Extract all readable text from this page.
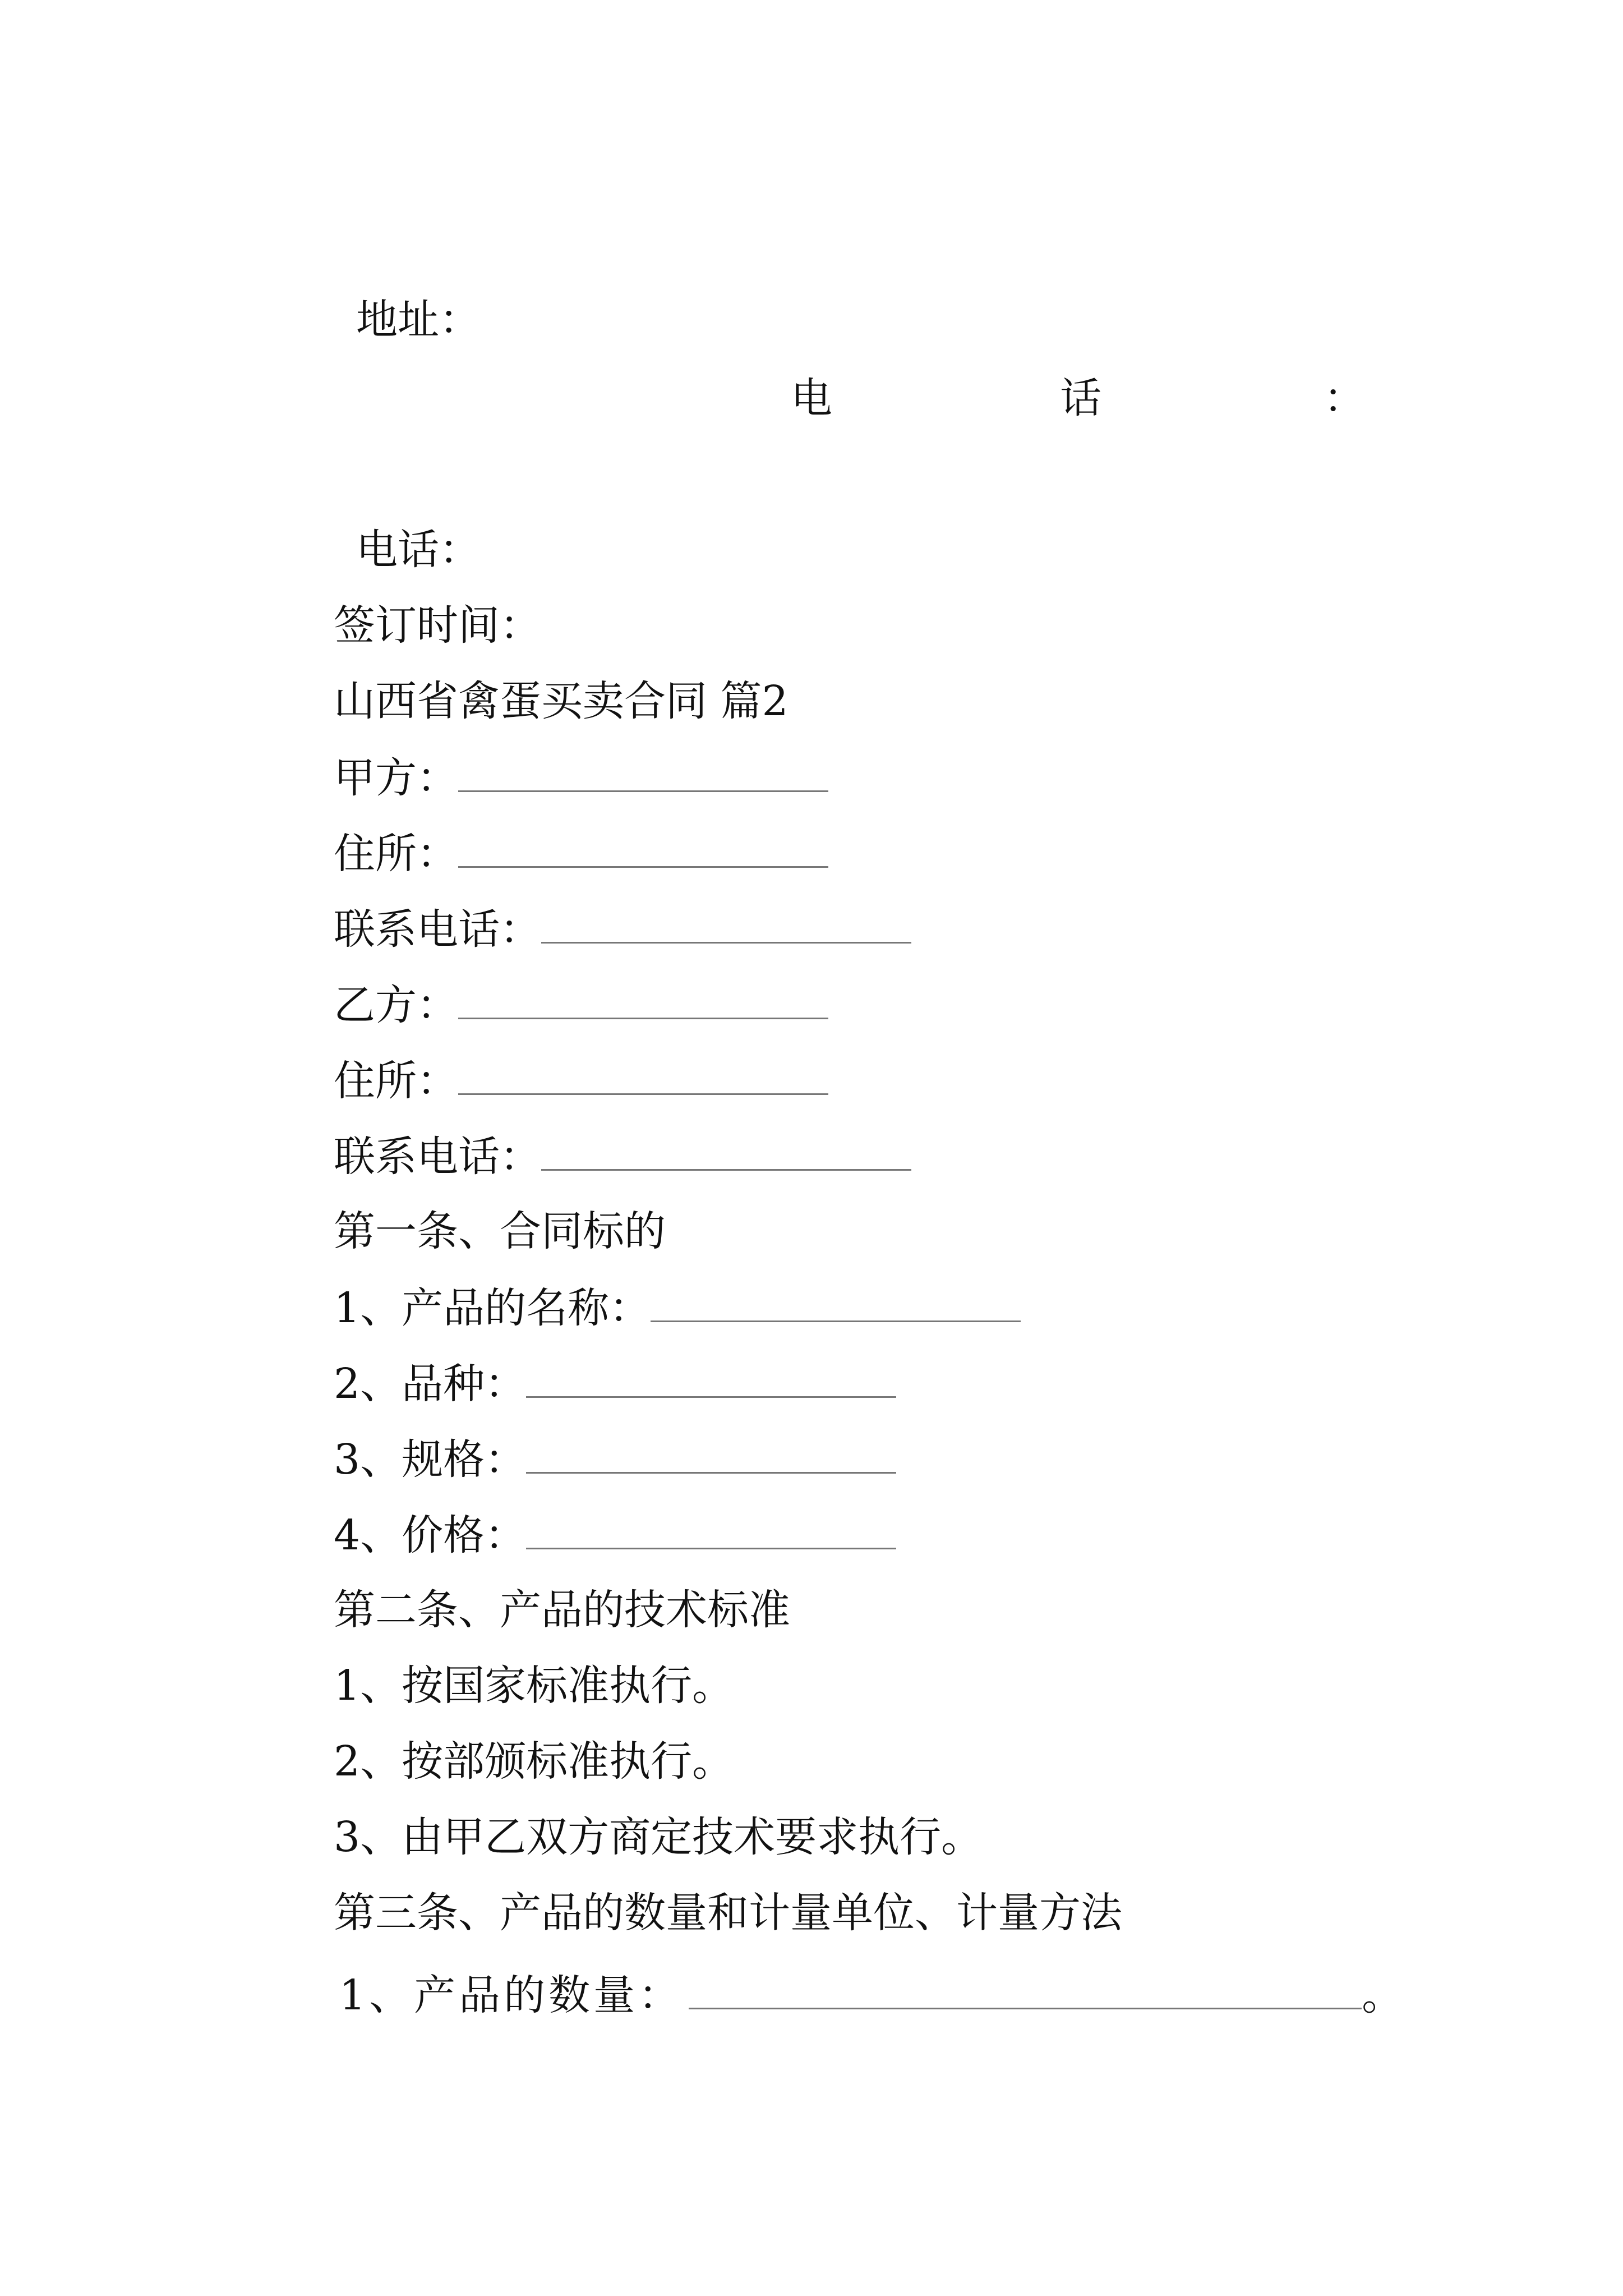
地址：
电	话	：
电话：
签订时间：
山西省禽蛋买卖合同 篇2
甲方：
住所：
联系电话：
乙方：
住所：
联系电话：
第一条、合同标的
1、产品的名称：
2、品种：
3、规格：
4、价格：
第二条、产品的技术标准
1、按国家标准执行。
2、按部颁标准执行。
3、由甲乙双方商定技术要求执行。
第三条、产品的数量和计量单位、计量方法
1、产品的数量：	。
